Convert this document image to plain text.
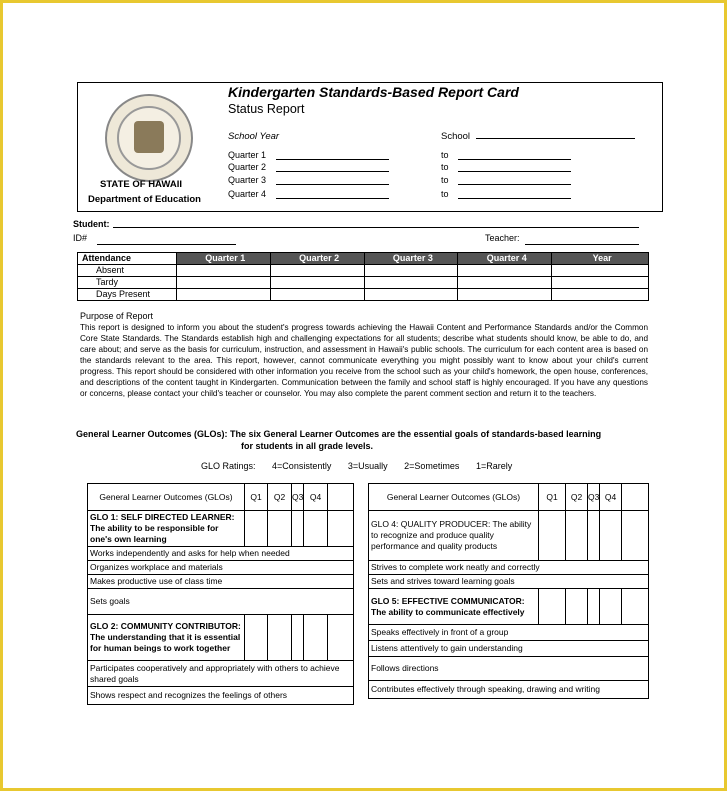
STATE OF HAWAII
Department of Education
Kindergarten Standards-Based Report Card
Status Report
School Year	School
Quarter 1	to
Quarter 2	to
Quarter 3	to
Quarter 4	to
Student:
ID#	Teacher:
Attendance	Quarter 1	Quarter 2	Quarter 3	Quarter 4	Year
Absent					
Tardy					
Days Present					
Purpose of Report
This report is designed to inform you about the student's progress towards achieving the Hawaii Content and Performance Standards and/or the Common Core State Standards. The Standards establish high and challenging expectations for all students; describe what students should know, be able to do, and care about; and serve as the basis for curriculum, instruction, and assessment in Hawaii's public schools. The curriculum for each content area is based on the standards relevant to the area. This report, however, cannot communicate everything you might possibly want to know about your child's current progress. This report should be considered with other information you receive from the school such as your child's homework, the open house, conferences, and descriptions of the content taught in Kindergarten. Communication between the family and school staff is highly encouraged. If you have any questions or concerns, please contact your child's teacher or counselor. You may also complete the parent comment section and return it to the teachers.
General Learner Outcomes (GLOs): The six General Learner Outcomes are the essential goals of standards-based learning
for students in all grade levels.
GLO Ratings: 4=Consistently 3=Usually 2=Sometimes 1=Rarely
General Learner Outcomes (GLOs)	Q1	Q2	Q3	Q4	
GLO 1: SELF DIRECTED LEARNER: The ability to be responsible for one's own learning					
Works independently and asks for help when needed					
Organizes workplace and materials					
Makes productive use of class time					
Sets goals					
GLO 2: COMMUNITY CONTRIBUTOR: The understanding that it is essential for human beings to work together					
Participates cooperatively and appropriately with others to achieve shared goals					
Shows respect and recognizes the feelings of others					
General Learner Outcomes (GLOs)	Q1	Q2	Q3	Q4	
GLO 4: QUALITY PRODUCER: The ability to recognize and produce quality performance and quality products					
Strives to complete work neatly and correctly					
Sets and strives toward learning goals					
GLO 5: EFFECTIVE COMMUNICATOR: The ability to communicate effectively					
Speaks effectively in front of a group					
Listens attentively to gain understanding					
Follows directions					
Contributes effectively through speaking, drawing and writing					
